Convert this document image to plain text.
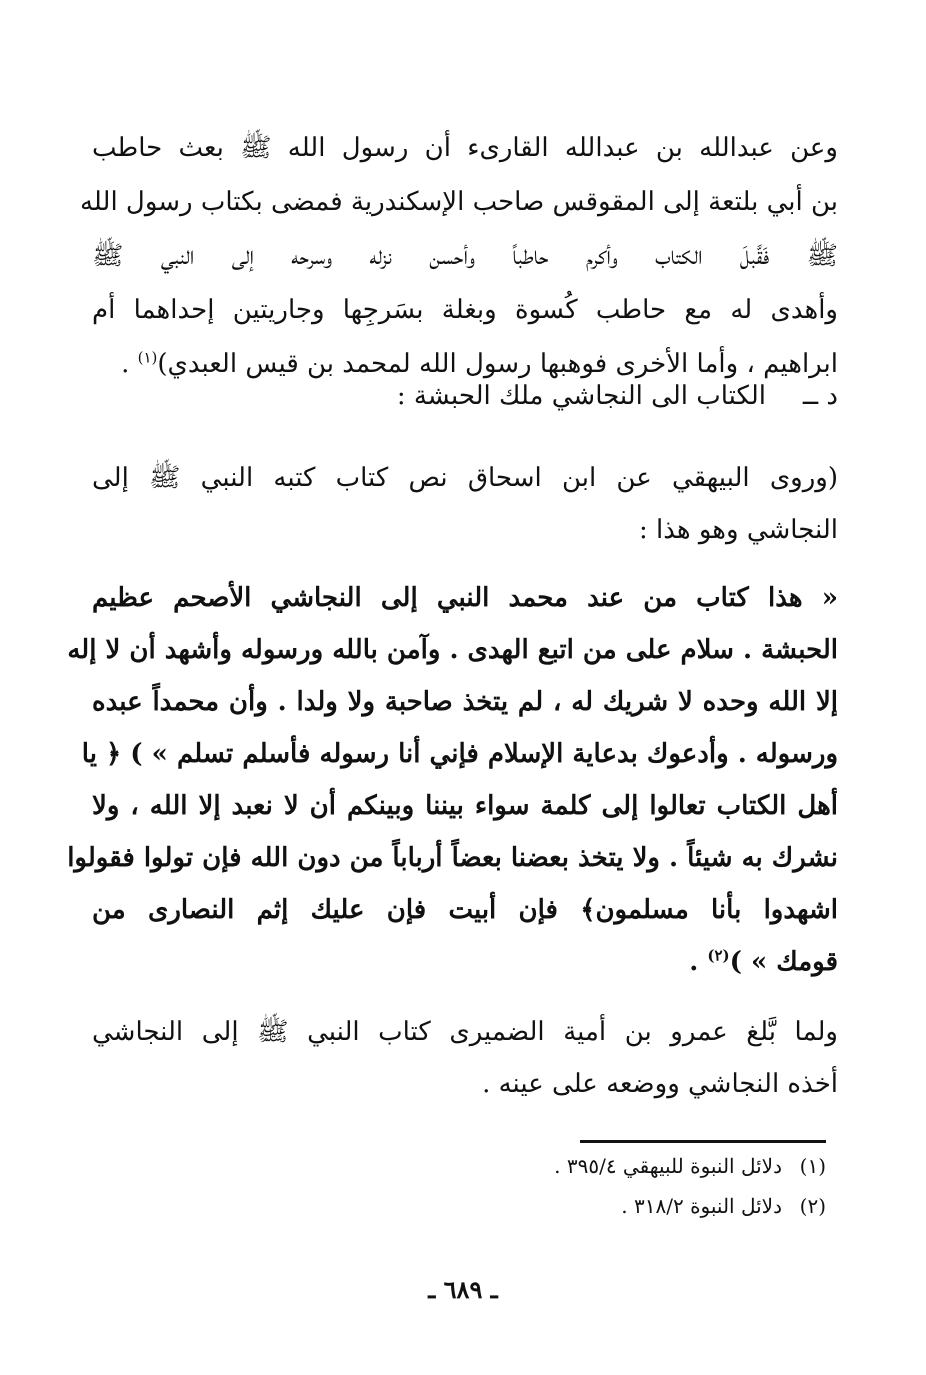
وعن عبدالله بن عبدالله القارىء أن رسول الله ﷺ بعث حاطب
بن أبي بلتعة إلى المقوقس صاحب الإسكندرية فمضى بكتاب رسول الله
ﷺ فَقَّبلَ الكتاب وأكرم حاطباً وأحسن نزله وسرحه إلى النبي ﷺ
وأهدى له مع حاطب كُسوة وبغلة بسَرجِها وجاريتين إحداهما أم
ابراهيم ، وأما الأخرى فوهبها رسول الله لمحمد بن قيس العبدي)$^{(١)}$ .
د ــ
الكتاب الى النجاشي ملك الحبشة :
(وروى البيهقي عن ابن اسحاق نص كتاب كتبه النبي ﷺ إلى
النجاشي وهو هذا :
« هذا كتاب من عند محمد النبي إلى النجاشي الأصحم عظيم
الحبشة . سلام على من اتبع الهدى . وآمن بالله ورسوله وأشهد أن لا إله
إلا الله وحده لا شريك له ، لم يتخذ صاحبة ولا ولدا . وأن محمداً عبده
ورسوله . وأدعوك بدعاية الإسلام فإني أنا رسوله فأسلم تسلم » ) ﴿ يا
أهل الكتاب تعالوا إلى كلمة سواء بيننا وبينكم أن لا نعبد إلا الله ، ولا
نشرك به شيئاً . ولا يتخذ بعضنا بعضاً أرباباً من دون الله فإن تولوا فقولوا
اشهدوا بأنا مسلمون﴾ فإن أبيت فإن عليك إثم النصارى من
قومك » )$^{(٢)}$ .
ولما بَّلغ عمرو بن أمية الضميرى كتاب النبي ﷺ إلى النجاشي
أخذه النجاشي ووضعه على عينه .
(١)دلائل النبوة للبيهقي ٣٩٥/٤ .
(٢)دلائل النبوة ٣١٨/٢ .
ـ ٦٨٩ ـ
